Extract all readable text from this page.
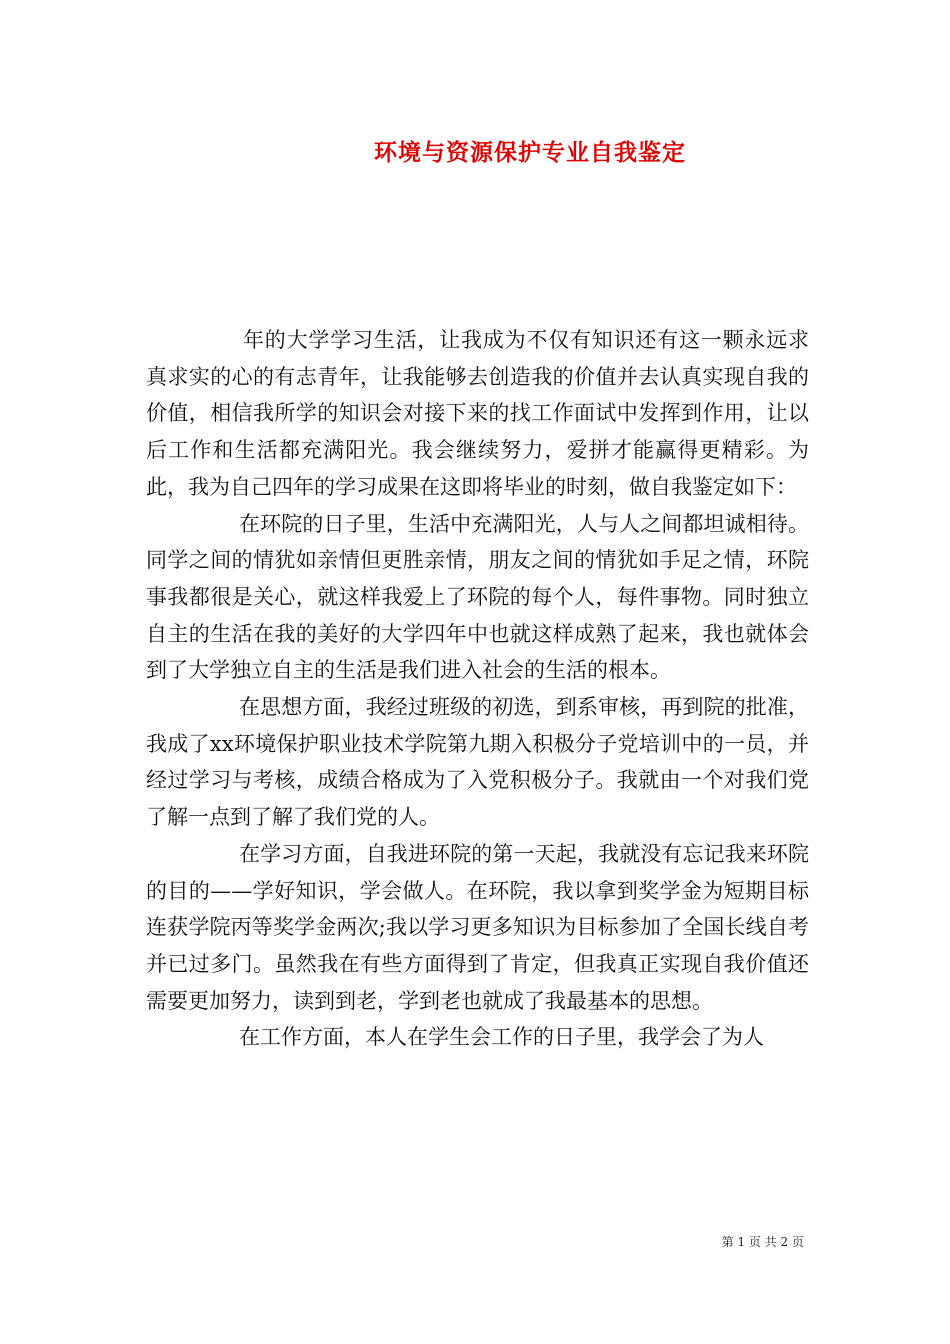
环境与资源保护专业自我鉴定

年的大学学习生活，让我成为不仅有知识还有这一颗永远求真求实的心的有志青年，让我能够去创造我的价值并去认真实现自我的价值，相信我所学的知识会对接下来的找工作面试中发挥到作用，让以后工作和生活都充满阳光。我会继续努力，爱拼才能赢得更精彩。为此，我为自己四年的学习成果在这即将毕业的时刻，做自我鉴定如下：

在环院的日子里，生活中充满阳光，人与人之间都坦诚相待。同学之间的情犹如亲情但更胜亲情，朋友之间的情犹如手足之情，环院事我都很是关心，就这样我爱上了环院的每个人，每件事物。同时独立自主的生活在我的美好的大学四年中也就这样成熟了起来，我也就体会到了大学独立自主的生活是我们进入社会的生活的根本。

在思想方面，我经过班级的初选，到系审核，再到院的批准，我成了xx环境保护职业技术学院第九期入积极分子党培训中的一员，并经过学习与考核，成绩合格成为了入党积极分子。我就由一个对我们党了解一点到了解了我们党的人。

在学习方面，自我进环院的第一天起，我就没有忘记我来环院的目的——学好知识，学会做人。在环院，我以拿到奖学金为短期目标连获学院丙等奖学金两次;我以学习更多知识为目标参加了全国长线自考并已过多门。虽然我在有些方面得到了肯定，但我真正实现自我价值还需要更加努力，读到到老，学到老也就成了我最基本的思想。

在工作方面，本人在学生会工作的日子里，我学会了为人

第 1 页 共 2 页
